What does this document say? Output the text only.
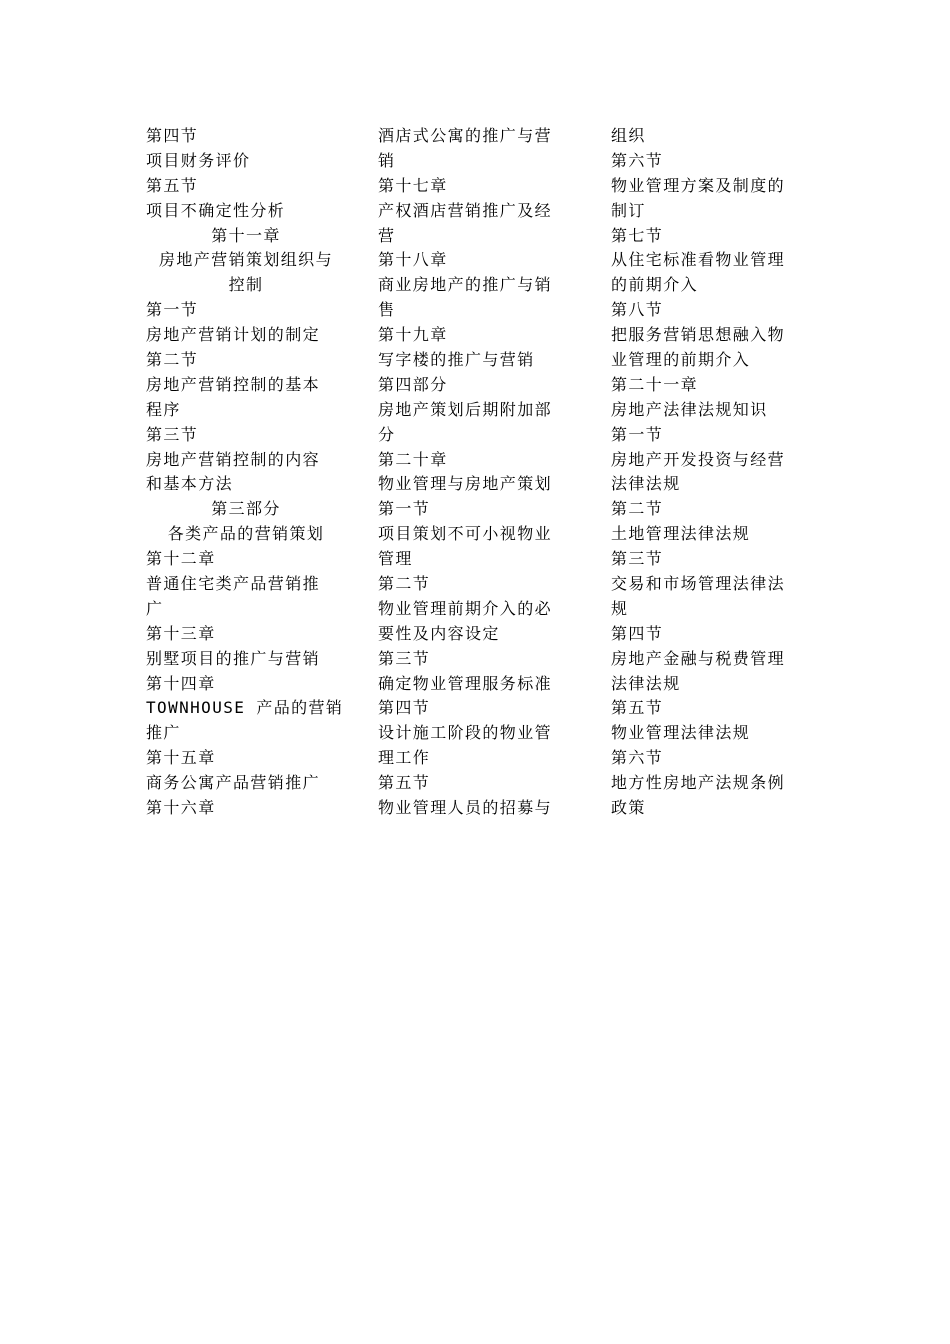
第四节
项目财务评价
第五节
项目不确定性分析
第十一章
房地产营销策划组织与
控制
第一节
房地产营销计划的制定
第二节
房地产营销控制的基本
程序
第三节
房地产营销控制的内容
和基本方法
第三部分
各类产品的营销策划
第十二章
普通住宅类产品营销推
广
第十三章
别墅项目的推广与营销
第十四章
TOWNHOUSE 产品的营销
推广
第十五章
商务公寓产品营销推广
第十六章
酒店式公寓的推广与营
销
第十七章
产权酒店营销推广及经
营
第十八章
商业房地产的推广与销
售
第十九章
写字楼的推广与营销
第四部分
房地产策划后期附加部
分
第二十章
物业管理与房地产策划
第一节
项目策划不可小视物业
管理
第二节
物业管理前期介入的必
要性及内容设定
第三节
确定物业管理服务标准
第四节
设计施工阶段的物业管
理工作
第五节
物业管理人员的招募与
组织
第六节
物业管理方案及制度的
制订
第七节
从住宅标准看物业管理
的前期介入
第八节
把服务营销思想融入物
业管理的前期介入
第二十一章
房地产法律法规知识
第一节
房地产开发投资与经营
法律法规
第二节
土地管理法律法规
第三节
交易和市场管理法律法
规
第四节
房地产金融与税费管理
法律法规
第五节
物业管理法律法规
第六节
地方性房地产法规条例
政策
